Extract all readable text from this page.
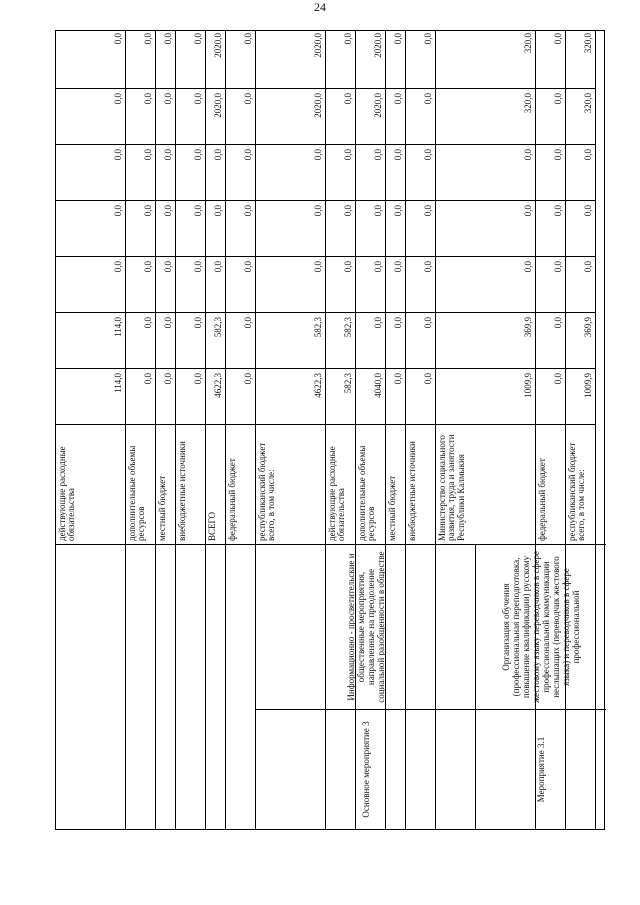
24
Основное мероприятие 3
Информационно - просветительские и общественные мероприятия, направленные на преодоление социальной разобщенности в обществе
Мероприятие 3.1
Организация обучения (профессиональная переподготовка, повышение квалификации) русскому жестовому языку переводчиков в сфере профессиональной коммуникации неслышащих (переводчик жестового языка) и переводчиков в сфере профессиональной
действующие расходные обязательства
114,0
114,0
0,0
0,0
0,0
0,0
0,0
дополнительные объемы ресурсов
0,0
0,0
0,0
0,0
0,0
0,0
0,0
местный бюджет
0,0
0,0
0,0
0,0
0,0
0,0
0,0
внебюджетные источники
0,0
0,0
0,0
0,0
0,0
0,0
0,0
ВСЕГО
4622,3
582,3
0,0
0,0
0,0
2020,0
2020,0
федеральный бюджет
0,0
0,0
0,0
0,0
0,0
0,0
0,0
республиканский бюджет всего, в том числе:
4622,3
582,3
0,0
0,0
0,0
2020,0
2020,0
действующие расходные обязательства
582,3
582,3
0,0
0,0
0,0
0,0
0,0
дополнительные объемы ресурсов
4040,0
0,0
0,0
0,0
0,0
2020,0
2020,0
местный бюджет
0,0
0,0
0,0
0,0
0,0
0,0
0,0
внебюджетные источники
0,0
0,0
0,0
0,0
0,0
0,0
0,0
Министерство социального развития, труда и занятости Республики Калмыкия
1009,9
369,9
0,0
0,0
0,0
320,0
320,0
федеральный бюджет
0,0
0,0
0,0
0,0
0,0
0,0
0,0
республиканский бюджет всего, в том числе:
1009,9
369,9
0,0
0,0
0,0
320,0
320,0
